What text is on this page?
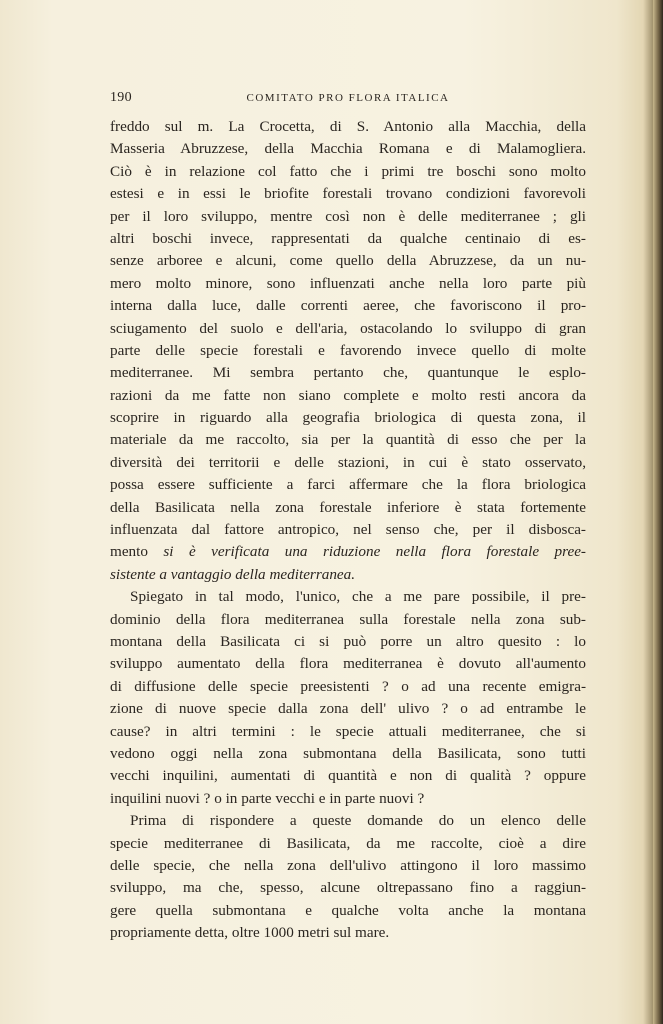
190	COMITATO PRO FLORA ITALICA
freddo sul m. La Crocetta, di S. Antonio alla Macchia, della
Masseria Abruzzese, della Macchia Romana e di Malamogliera.
Ciò è in relazione col fatto che i primi tre boschi sono molto
estesi e in essi le briofite forestali trovano condizioni favorevoli
per il loro sviluppo, mentre così non è delle mediterranee ; gli
altri boschi invece, rappresentati da qualche centinaio di es-
senze arboree e alcuni, come quello della Abruzzese, da un nu-
mero molto minore, sono influenzati anche nella loro parte più
interna dalla luce, dalle correnti aeree, che favoriscono il pro-
sciugamento del suolo e dell'aria, ostacolando lo sviluppo di gran
parte delle specie forestali e favorendo invece quello di molte
mediterranee. Mi sembra pertanto che, quantunque le esplo-
razioni da me fatte non siano complete e molto resti ancora da
scoprire in riguardo alla geografia briologica di questa zona, il
materiale da me raccolto, sia per la quantità di esso che per la
diversità dei territorii e delle stazioni, in cui è stato osservato,
possa essere sufficiente a farci affermare che la flora briologica
della Basilicata nella zona forestale inferiore è stata fortemente
influenzata dal fattore antropico, nel senso che, per il disbosca-
mento si è verificata una riduzione nella flora forestale pree-
sistente a vantaggio della mediterranea.
Spiegato in tal modo, l'unico, che a me pare possibile, il pre-
dominio della flora mediterranea sulla forestale nella zona sub-
montana della Basilicata ci si può porre un altro quesito : lo
sviluppo aumentato della flora mediterranea è dovuto all'aumento
di diffusione delle specie preesistenti ? o ad una recente emigra-
zione di nuove specie dalla zona dell' ulivo ? o ad entrambe le
cause? in altri termini : le specie attuali mediterranee, che si
vedono oggi nella zona submontana della Basilicata, sono tutti
vecchi inquilini, aumentati di quantità e non di qualità ? oppure
inquilini nuovi ? o in parte vecchi e in parte nuovi ?
Prima di rispondere a queste domande do un elenco delle
specie mediterranee di Basilicata, da me raccolte, cioè a dire
delle specie, che nella zona dell'ulivo attingono il loro massimo
sviluppo, ma che, spesso, alcune oltrepassano fino a raggiun-
gere quella submontana e qualche volta anche la montana
propriamente detta, oltre 1000 metri sul mare.
